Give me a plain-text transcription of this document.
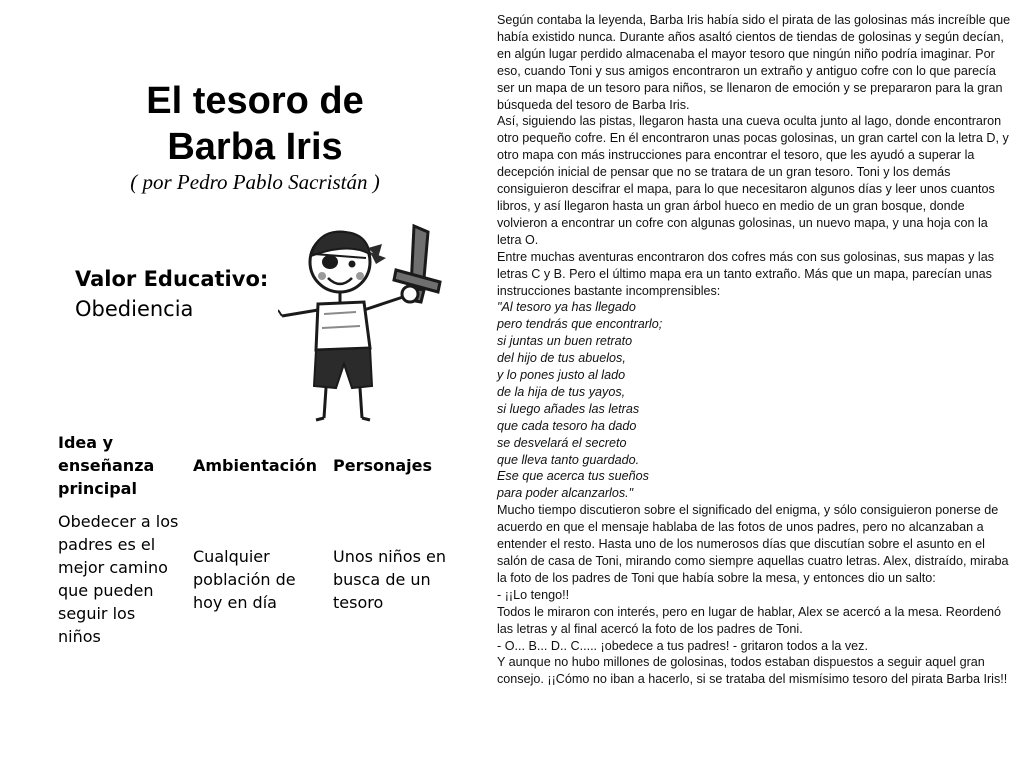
El tesoro de
Barba Iris
( por Pedro Pablo Sacristán )
Valor Educativo:
Obediencia
Idea y enseñanza principal
Ambientación Personajes
Obedecer a los padres es el mejor camino que pueden seguir los niños
Cualquier población de hoy en día
Unos niños en busca de un tesoro

Según contaba la leyenda, Barba Iris había sido el pirata de las golosinas más increíble que había existido nunca. Durante años asaltó cientos de tiendas de golosinas y según decían, en algún lugar perdido almacenaba el mayor tesoro que ningún niño podría imaginar. Por eso, cuando Toni y sus amigos encontraron un extraño y antiguo cofre con lo que parecía ser un mapa de un tesoro para niños, se llenaron de emoción y se prepararon para la gran búsqueda del tesoro de Barba Iris.

Así, siguiendo las pistas, llegaron hasta una cueva oculta junto al lago, donde encontraron otro pequeño cofre. En él encontraron unas pocas golosinas, un gran cartel con la letra D, y otro mapa con más instrucciones para encontrar el tesoro, que les ayudó a superar la decepción inicial de pensar que no se tratara de un gran tesoro. Toni y los demás consiguieron descifrar el mapa, para lo que necesitaron algunos días y leer unos cuantos libros, y así llegaron hasta un gran árbol hueco en medio de un gran bosque, donde volvieron a encontrar un cofre con algunas golosinas, un nuevo mapa, y una hoja con la letra O.

Entre muchas aventuras encontraron dos cofres más con sus golosinas, sus mapas y las letras C y B. Pero el último mapa era un tanto extraño. Más que un mapa, parecían unas instrucciones bastante incomprensibles:

"Al tesoro ya has llegado

pero tendrás que encontrarlo;

si juntas un buen retrato

del hijo de tus abuelos,

y lo pones justo al lado

de la hija de tus yayos,

si luego añades las letras

que cada tesoro ha dado

se desvelará el secreto

que lleva tanto guardado.

Ese que acerca tus sueños

para poder alcanzarlos."

Mucho tiempo discutieron sobre el significado del enigma, y sólo consiguieron ponerse de acuerdo en que el mensaje hablaba de las fotos de unos padres, pero no alcanzaban a entender el resto. Hasta uno de los numerosos días que discutían sobre el asunto en el salón de casa de Toni, mirando como siempre aquellas cuatro letras. Alex, distraído, miraba la foto de los padres de Toni que había sobre la mesa, y entonces dio un salto:

- ¡¡Lo tengo!!

Todos le miraron con interés, pero en lugar de hablar, Alex se acercó a la mesa. Reordenó las letras y al final acercó la foto de los padres de Toni.

- O... B... D.. C..... ¡obedece a tus padres! - gritaron todos a la vez.

Y aunque no hubo millones de golosinas, todos estaban dispuestos a seguir aquel gran consejo. ¡¡Cómo no iban a hacerlo, si se trataba del mismísimo tesoro del pirata Barba Iris!!
